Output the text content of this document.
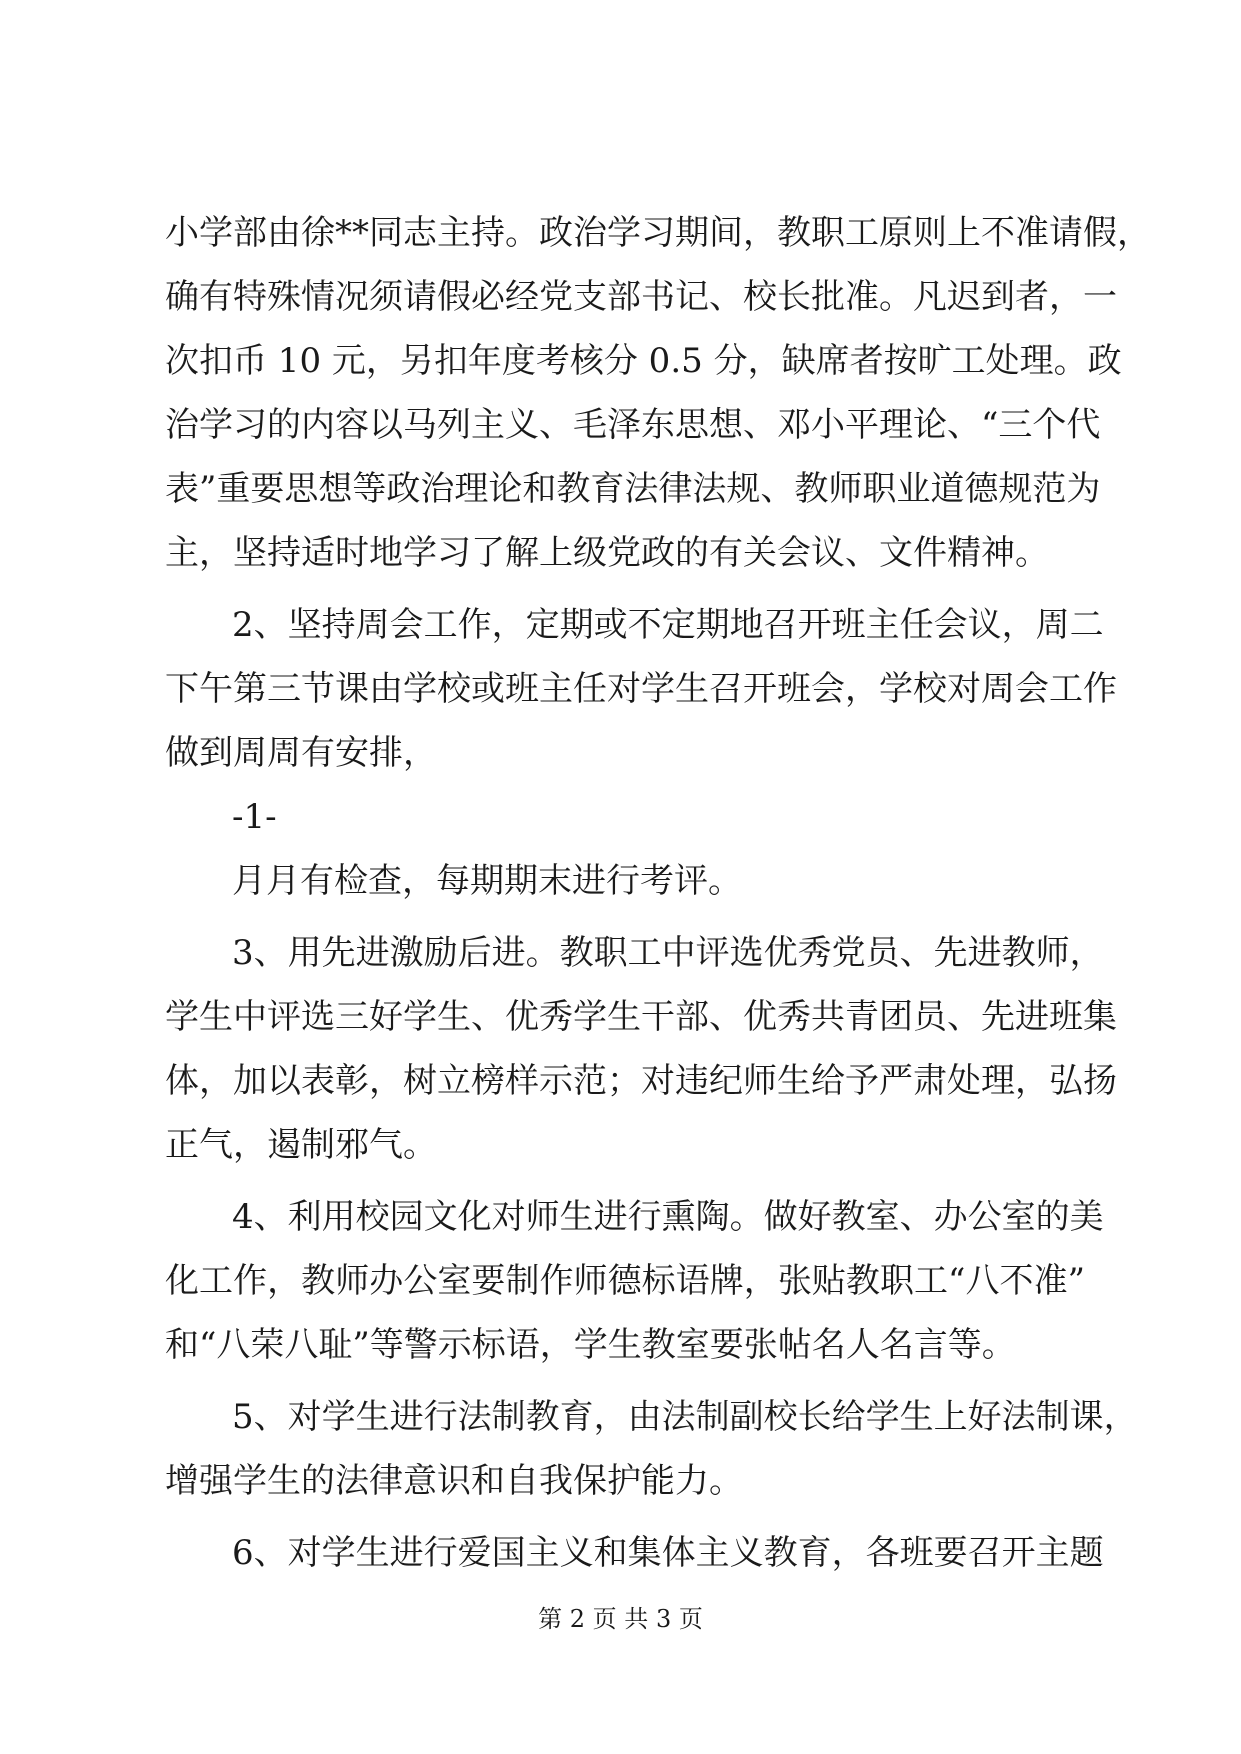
小学部由徐**同志主持。政治学习期间，教职工原则上不准请假，
确有特殊情况须请假必经党支部书记、校长批准。凡迟到者，一
次扣币 10 元，另扣年度考核分 0.5 分，缺席者按旷工处理。政
治学习的内容以马列主义、毛泽东思想、邓小平理论、“三个代
表”重要思想等政治理论和教育法律法规、教师职业道德规范为
主，坚持适时地学习了解上级党政的有关会议、文件精神。
2、坚持周会工作，定期或不定期地召开班主任会议，周二
下午第三节课由学校或班主任对学生召开班会，学校对周会工作
做到周周有安排，
-1-
月月有检查，每期期末进行考评。
3、用先进激励后进。教职工中评选优秀党员、先进教师，
学生中评选三好学生、优秀学生干部、优秀共青团员、先进班集
体，加以表彰，树立榜样示范；对违纪师生给予严肃处理，弘扬
正气，遏制邪气。
4、利用校园文化对师生进行熏陶。做好教室、办公室的美
化工作，教师办公室要制作师德标语牌，张贴教职工“八不准”
和“八荣八耻”等警示标语，学生教室要张帖名人名言等。
5、对学生进行法制教育，由法制副校长给学生上好法制课，
增强学生的法律意识和自我保护能力。
6、对学生进行爱国主义和集体主义教育，各班要召开主题
第 2 页 共 3 页
